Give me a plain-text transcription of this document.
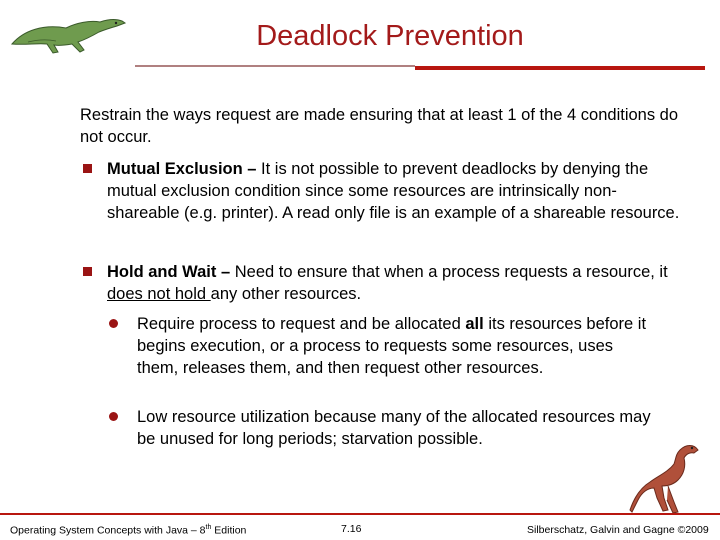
Deadlock Prevention
Restrain the ways request are made ensuring that at least 1 of the 4 conditions do not occur.
Mutual Exclusion – It is not possible to prevent deadlocks by denying the mutual exclusion condition since some resources are intrinsically non-shareable (e.g. printer). A read only file is an example of a shareable resource.
Hold and Wait – Need to ensure that when a process requests a resource, it does not hold any other resources.
Require process to request and be allocated all its resources before it begins execution, or a process to requests some resources, uses them, releases them, and then request other resources.
Low resource utilization because many of the allocated resources may be unused for long periods; starvation possible.
Operating System Concepts with Java – 8th Edition	7.16	Silberschatz, Galvin and Gagne ©2009
